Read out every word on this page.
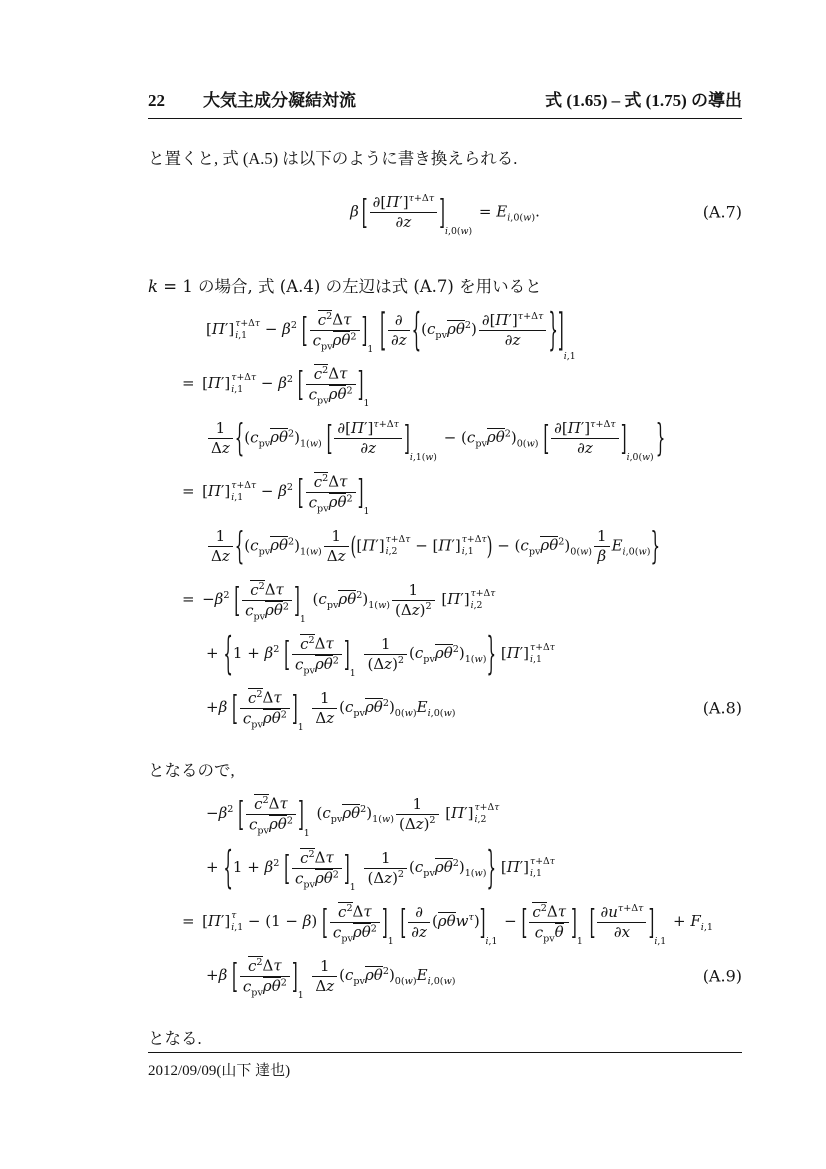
22 大気主成分凝結対流	式 (1.65) – 式 (1.75) の導出

と置くと, 式 (A.5) は以下のように書き換えられる.

β  [ $\frac{\partial[\Pi']^{\tau+\Delta\tau}}{\partial z} ]i,0(w) = E_{i,0(w)}$.	(A.7)

k = 1 の場合, 式 (A.4) の左辺は式 (A.7) を用いると

[Π′] τ+Δτ
$i,1 - \beta^2$ [ $\frac{c^2\Delta\tau}{c_{pv}\rho\theta^2} ]1$ [ $\frac{\partial}{\partial z} \{(c_{pv}\rho\theta^2) \frac{\partial[\Pi']^{\tau+\Delta\tau}}{\partial z} \}]i,1$
= [Π′] τ+Δτ
$i,1 - \beta^2$ [ $\frac{c^2\Delta\tau}{c_{pv}\rho\theta^2} ]1$
$\frac{1}{\Delta z} \{(c_{pv}\rho\theta^2)_{1(w)}$ [ $\frac{\partial[\Pi']^{\tau+\Delta\tau}}{\partial z} ]i,1(w) - (c_{pv}\rho\theta^2)_{0(w)}$ [ $\frac{\partial[\Pi']^{\tau+\Delta\tau}}{\partial z} ]i,0(w)$ }
= [Π′] τ+Δτ
$i,1 - \beta^2$ [ $\frac{c^2\Delta\tau}{c_{pv}\rho\theta^2} ]1$
$\frac{1}{\Delta z} \{(c_{pv}\rho\theta^2)_{1(w)} \frac{1}{\Delta z} ([\Pi']$ τ+Δτ
i,2 − [Π′] τ+Δτ
i,1 ) − $(c_{pv}\rho\theta^2)_{0(w)} \frac{1}{\beta} E_{i,0(w)}$}
= $-\beta^2$ [ $\frac{c^2\Delta\tau}{c_{pv}\rho\theta^2} ]1$ $(c_{pv}\rho\theta^2)_{1(w)} \frac{1}{(\Delta z)^2} [\Pi']$ τ+Δτ
i,2
+ {$1 + \beta^2$ [ $\frac{c^2\Delta\tau}{c_{pv}\rho\theta^2} ]1$
$\frac{1}{(\Delta z)^2} (c_{pv}\rho\theta^2)_{1(w)}$} [Π′] τ+Δτ
i,1
+β [ $\frac{c^2\Delta\tau}{c_{pv}\rho\theta^2} ]1$
$\frac{1}{\Delta z} (c_{pv}\rho\theta^2)_{0(w)}E_{i,0(w)}$	(A.8)

となるので,

$-\beta^2$ [ $\frac{c^2\Delta\tau}{c_{pv}\rho\theta^2} ]1$ $(c_{pv}\rho\theta^2)_{1(w)} \frac{1}{(\Delta z)^2} [\Pi']$ τ+Δτ
i,2
+ {$1 + \beta^2$ [ $\frac{c^2\Delta\tau}{c_{pv}\rho\theta^2} ]1$
$\frac{1}{(\Delta z)^2} (c_{pv}\rho\theta^2)_{1(w)}$} [Π′] τ+Δτ
i,1
= [Π′] τ
i,1 − (1 − β) [ $\frac{c^2\Delta\tau}{c_{pv}\rho\theta^2} ]1$ [ $\frac{\partial}{\partial z} (\rho\theta w^\tau)]i,1$ − [ $\frac{c^2\Delta\tau}{c_{pv}\theta} ]1$ [ $\frac{\partial u^{\tau+\Delta\tau}}{\partial x} ]i,1 + F_{i,1}$
+β [ $\frac{c^2\Delta\tau}{c_{pv}\rho\theta^2} ]1$
$\frac{1}{\Delta z} (c_{pv}\rho\theta^2)_{0(w)}E_{i,0(w)}$	(A.9)

となる.

2012/09/09(山下 達也)
